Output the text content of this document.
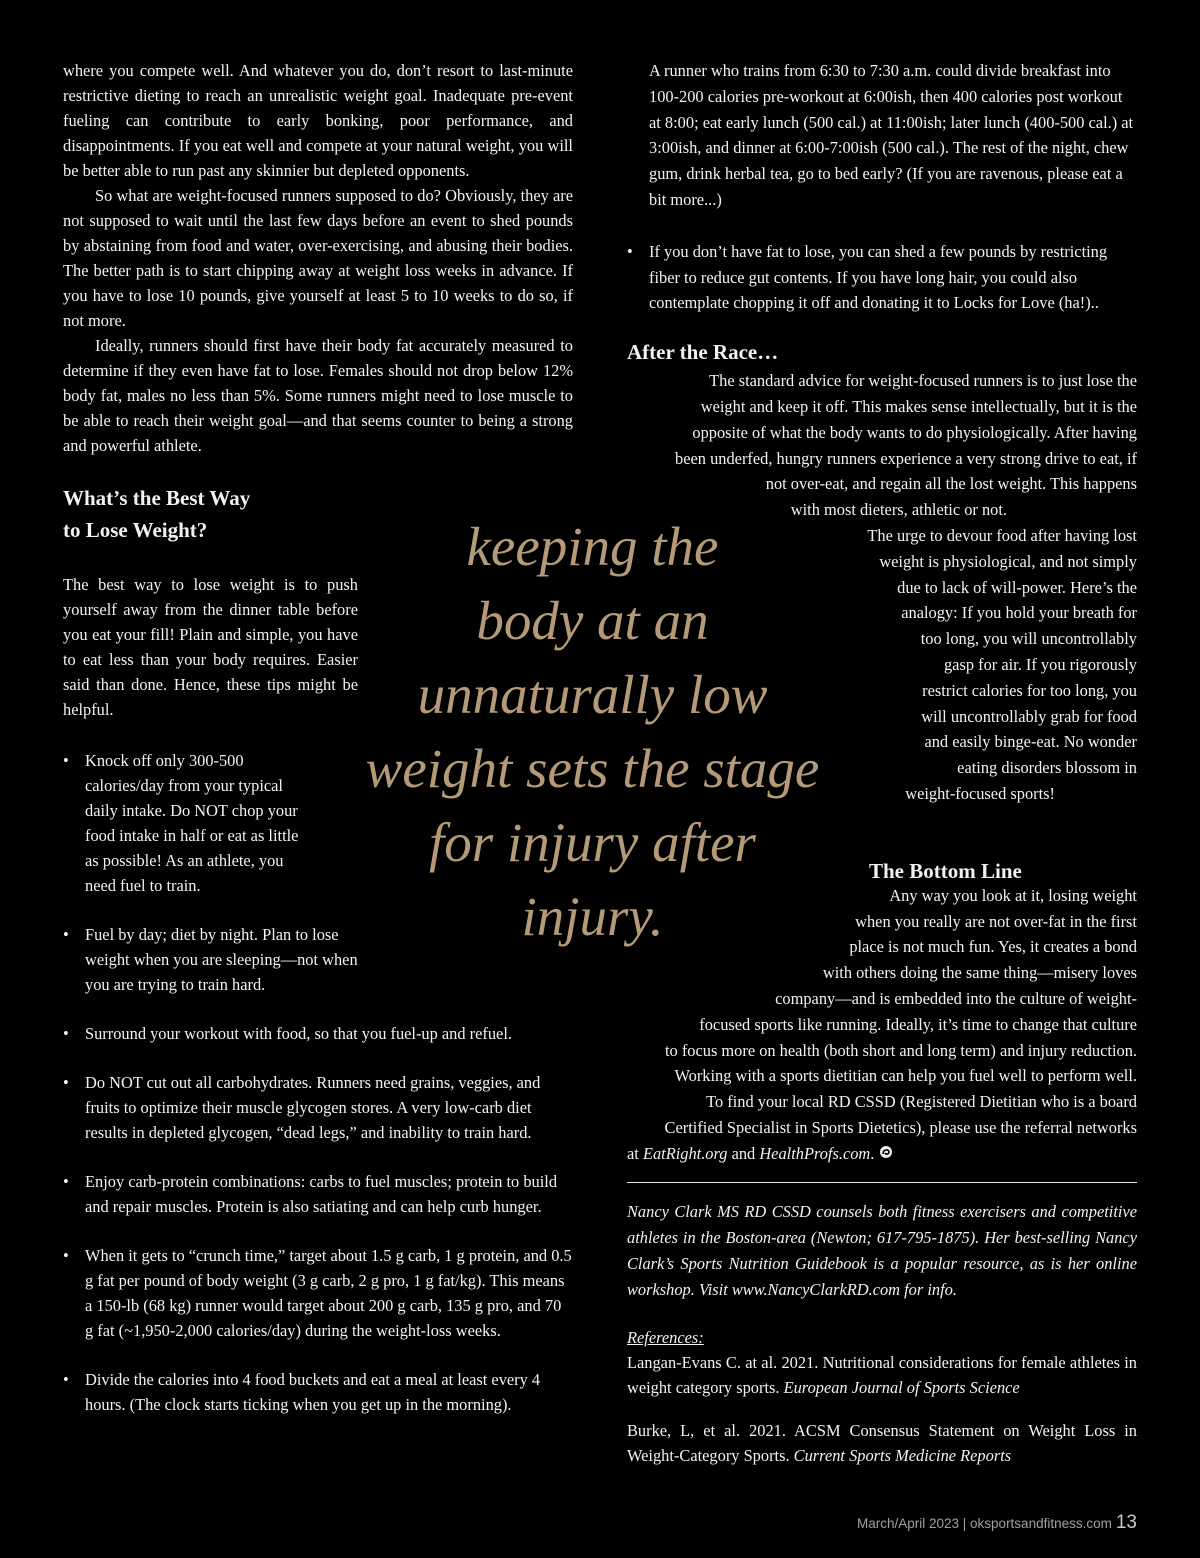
where you compete well. And whatever you do, don’t resort to last-minute restrictive dieting to reach an unrealistic weight goal. Inadequate pre-event fueling can contribute to early bonking, poor performance, and disappointments. If you eat well and compete at your natural weight, you will be better able to run past any skinnier but depleted opponents.

So what are weight-focused runners supposed to do? Obviously, they are not supposed to wait until the last few days before an event to shed pounds by abstaining from food and water, over-exercising, and abusing their bodies. The better path is to start chipping away at weight loss weeks in advance. If you have to lose 10 pounds, give yourself at least 5 to 10 weeks to do so, if not more.

Ideally, runners should first have their body fat accurately measured to determine if they even have fat to lose. Females should not drop below 12% body fat, males no less than 5%. Some runners might need to lose muscle to be able to reach their weight goal—and that seems counter to being a strong and powerful athlete.

What’s the Best Way
to Lose Weight?

The best way to lose weight is to push yourself away from the dinner table before you eat your fill! Plain and simple, you have to eat less than your body requires. Easier said than done. Hence, these tips might be helpful.

• Knock off only 300-500 calories/day from your typical daily intake. Do NOT chop your food intake in half or eat as little as possible! As an athlete, you need fuel to train.
• Fuel by day; diet by night. Plan to lose weight when you are sleeping—not when you are trying to train hard.
• Surround your workout with food, so that you fuel-up and refuel.
• Do NOT cut out all carbohydrates. Runners need grains, veggies, and fruits to optimize their muscle glycogen stores. A very low-carb diet results in depleted glycogen, “dead legs,” and inability to train hard.
• Enjoy carb-protein combinations: carbs to fuel muscles; protein to build and repair muscles. Protein is also satiating and can help curb hunger.
• When it gets to “crunch time,” target about 1.5 g carb, 1 g protein, and 0.5 g fat per pound of body weight (3 g carb, 2 g pro, 1 g fat/kg). This means a 150-lb (68 kg) runner would target about 200 g carb, 135 g pro, and 70 g fat (~1,950-2,000 calories/day) during the weight-loss weeks.
• Divide the calories into 4 food buckets and eat a meal at least every 4 hours. (The clock starts ticking when you get up in the morning).
keeping the
body at an
unnaturally low
weight sets the stage
for injury after
injury.

A runner who trains from 6:30 to 7:30 a.m. could divide breakfast into 100-200 calories pre-workout at 6:00ish, then 400 calories post workout at 8:00; eat early lunch (500 cal.) at 11:00ish; later lunch (400-500 cal.) at 3:00ish, and dinner at 6:00-7:00ish (500 cal.). The rest of the night, chew gum, drink herbal tea, go to bed early? (If you are ravenous, please eat a bit more...)

• If you don’t have fat to lose, you can shed a few pounds by restricting fiber to reduce gut contents. If you have long hair, you could also contemplate chopping it off and donating it to Locks for Love (ha!)..
After the Race…
The standard advice for weight-focused runners is to just lose the
weight and keep it off. This makes sense intellectually, but it is the
opposite of what the body wants to do physiologically. After having
been underfed, hungry runners experience a very strong drive to eat, if
not over-eat, and regain all the lost weight. This happens
with most dieters, athletic or not.
The urge to devour food after having lost
weight is physiological, and not simply
due to lack of will-power. Here’s the
analogy: If you hold your breath for
too long, you will uncontrollably
gasp for air. If you rigorously
restrict calories for too long, you
will uncontrollably grab for food
and easily binge-eat. No wonder
eating disorders blossom in
weight-focused sports!
The Bottom Line
Any way you look at it, losing weight
when you really are not over-fat in the first
place is not much fun. Yes, it creates a bond
with others doing the same thing—misery loves
company—and is embedded into the culture of weight-
focused sports like running. Ideally, it’s time to change that culture
to focus more on health (both short and long term) and injury reduction.
Working with a sports dietitian can help you fuel well to perform well.
To find your local RD CSSD (Registered Dietitian who is a board
Certified Specialist in Sports Dietetics), please use the referral networks
at EatRight.org and HealthProfs.com.

Nancy Clark MS RD CSSD counsels both fitness exercisers and competitive athletes in the Boston-area (Newton; 617-795-1875). Her best-selling Nancy Clark’s Sports Nutrition Guidebook is a popular resource, as is her online workshop. Visit www.NancyClarkRD.com for info.

References:

Langan-Evans C. at al. 2021. Nutritional considerations for female athletes in weight category sports. European Journal of Sports Science

Burke, L, et al. 2021. ACSM Consensus Statement on Weight Loss in Weight-Category Sports. Current Sports Medicine Reports

March/April 2023 | oksportsandfitness.com 13
